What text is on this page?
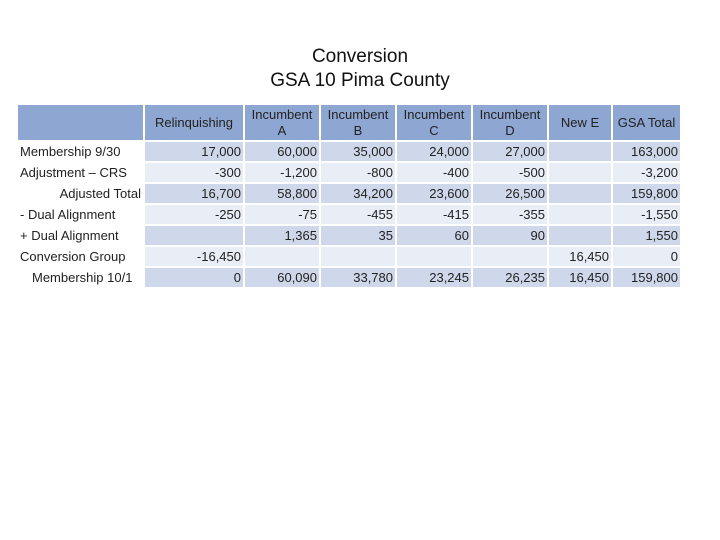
Conversion
GSA 10 Pima County
	Relinquishing	Incumbent A	Incumbent B	Incumbent C	Incumbent D	New E	GSA Total
Membership 9/30	17,000	60,000	35,000	24,000	27,000		163,000
Adjustment – CRS	-300	-1,200	-800	-400	-500		-3,200
Adjusted Total	16,700	58,800	34,200	23,600	26,500		159,800
- Dual Alignment	-250	-75	-455	-415	-355		-1,550
+ Dual Alignment		1,365	35	60	90		1,550
Conversion Group	-16,450					16,450	0
Membership 10/1	0	60,090	33,780	23,245	26,235	16,450	159,800
